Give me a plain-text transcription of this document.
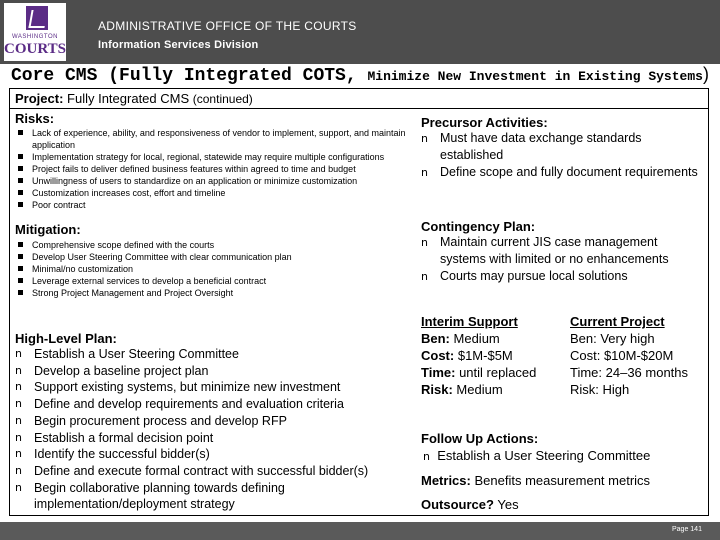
WASHINGTON
COURTS
ADMINISTRATIVE OFFICE OF THE COURTS
Information Services Division
Core CMS (Fully Integrated COTS, Minimize New Investment in Existing Systems)
Project: Fully Integrated CMS (continued)
Risks:
Lack of experience, ability, and responsiveness of vendor to implement, support, and maintain application
Implementation strategy for local, regional, statewide may require multiple configurations
Project fails to deliver defined business features within agreed to time and budget
Unwillingness of users to standardize on an application or minimize customization
Customization increases cost, effort and timeline
Poor contract
Mitigation:
Comprehensive scope defined with the courts
Develop User Steering Committee with clear communication plan
Minimal/no customization
Leverage external services to develop a beneficial contract
Strong Project Management and Project Oversight
Precursor Activities:
n Must have data exchange standards established
n Define scope and fully document requirements
Contingency Plan:
n Maintain current JIS case management systems with limited or no enhancements
n Courts may pursue local solutions
High-Level Plan:
n Establish a User Steering Committee
n Develop a baseline project plan
n Support existing systems, but minimize new investment
n Define and develop requirements and evaluation criteria
n Begin procurement process and develop RFP
n Establish a formal decision point
n Identify the successful bidder(s)
n Define and execute formal contract with successful bidder(s)
n Begin collaborative planning towards defining implementation/deployment strategy
Interim Support
Ben: Medium
Cost: $1M-$5M
Time: until replaced
Risk: Medium
Current Project
Ben: Very high
Cost: $10M-$20M
Time: 24–36 months
Risk: High
Follow Up Actions:
n Establish a User Steering Committee
Metrics: Benefits measurement metrics
Outsource? Yes
Page 141
